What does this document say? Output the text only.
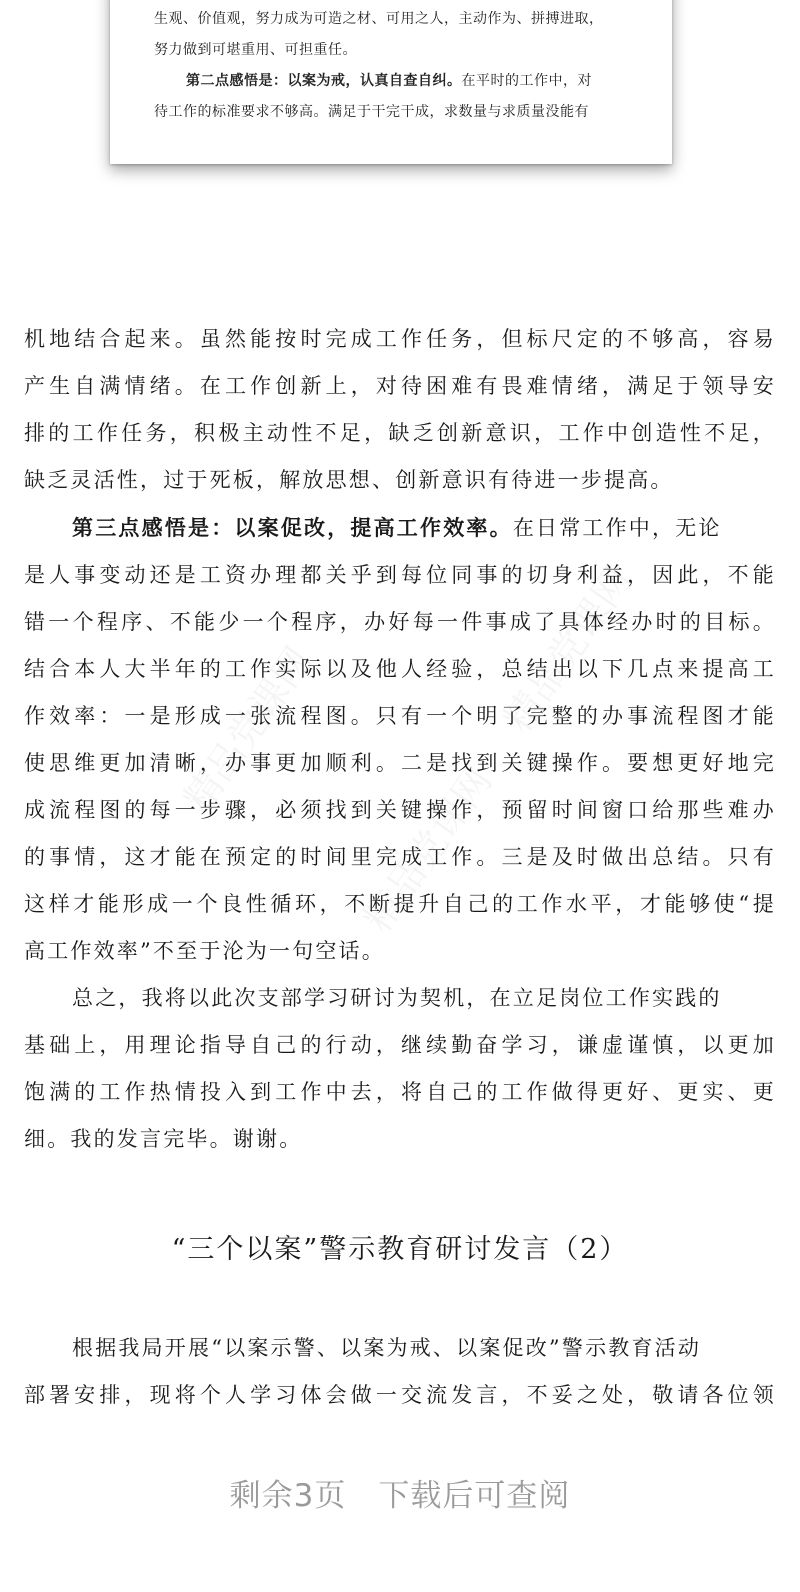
生观、价值观，努力成为可造之材、可用之人，主动作为、拼搏进取，
努力做到可堪重用、可担重任。
第二点感悟是：以案为戒，认真自查自纠。在平时的工作中，对
待工作的标准要求不够高。满足于干完干成，求数量与求质量没能有
机地结合起来。虽然能按时完成工作任务，但标尺定的不够高，容易
产生自满情绪。在工作创新上，对待困难有畏难情绪，满足于领导安
排的工作任务，积极主动性不足，缺乏创新意识，工作中创造性不足，
缺乏灵活性，过于死板，解放思想、创新意识有待进一步提高。
第三点感悟是：以案促改，提高工作效率。在日常工作中，无论
是人事变动还是工资办理都关乎到每位同事的切身利益，因此，不能
错一个程序、不能少一个程序，办好每一件事成了具体经办时的目标。
结合本人大半年的工作实际以及他人经验，总结出以下几点来提高工
作效率：一是形成一张流程图。只有一个明了完整的办事流程图才能
使思维更加清晰，办事更加顺利。二是找到关键操作。要想更好地完
成流程图的每一步骤，必须找到关键操作，预留时间窗口给那些难办
的事情，这才能在预定的时间里完成工作。三是及时做出总结。只有
这样才能形成一个良性循环，不断提升自己的工作水平，才能够使“提
高工作效率”不至于沦为一句空话。
总之，我将以此次支部学习研讨为契机，在立足岗位工作实践的
基础上，用理论指导自己的行动，继续勤奋学习，谦虚谨慎，以更加
饱满的工作热情投入到工作中去，将自己的工作做得更好、更实、更
细。我的发言完毕。谢谢。
“三个以案”警示教育研讨发言（2）
根据我局开展“以案示警、以案为戒、以案促改”警示教育活动
部署安排，现将个人学习体会做一交流发言，不妥之处，敬请各位领
剩余3页　下载后可查阅
